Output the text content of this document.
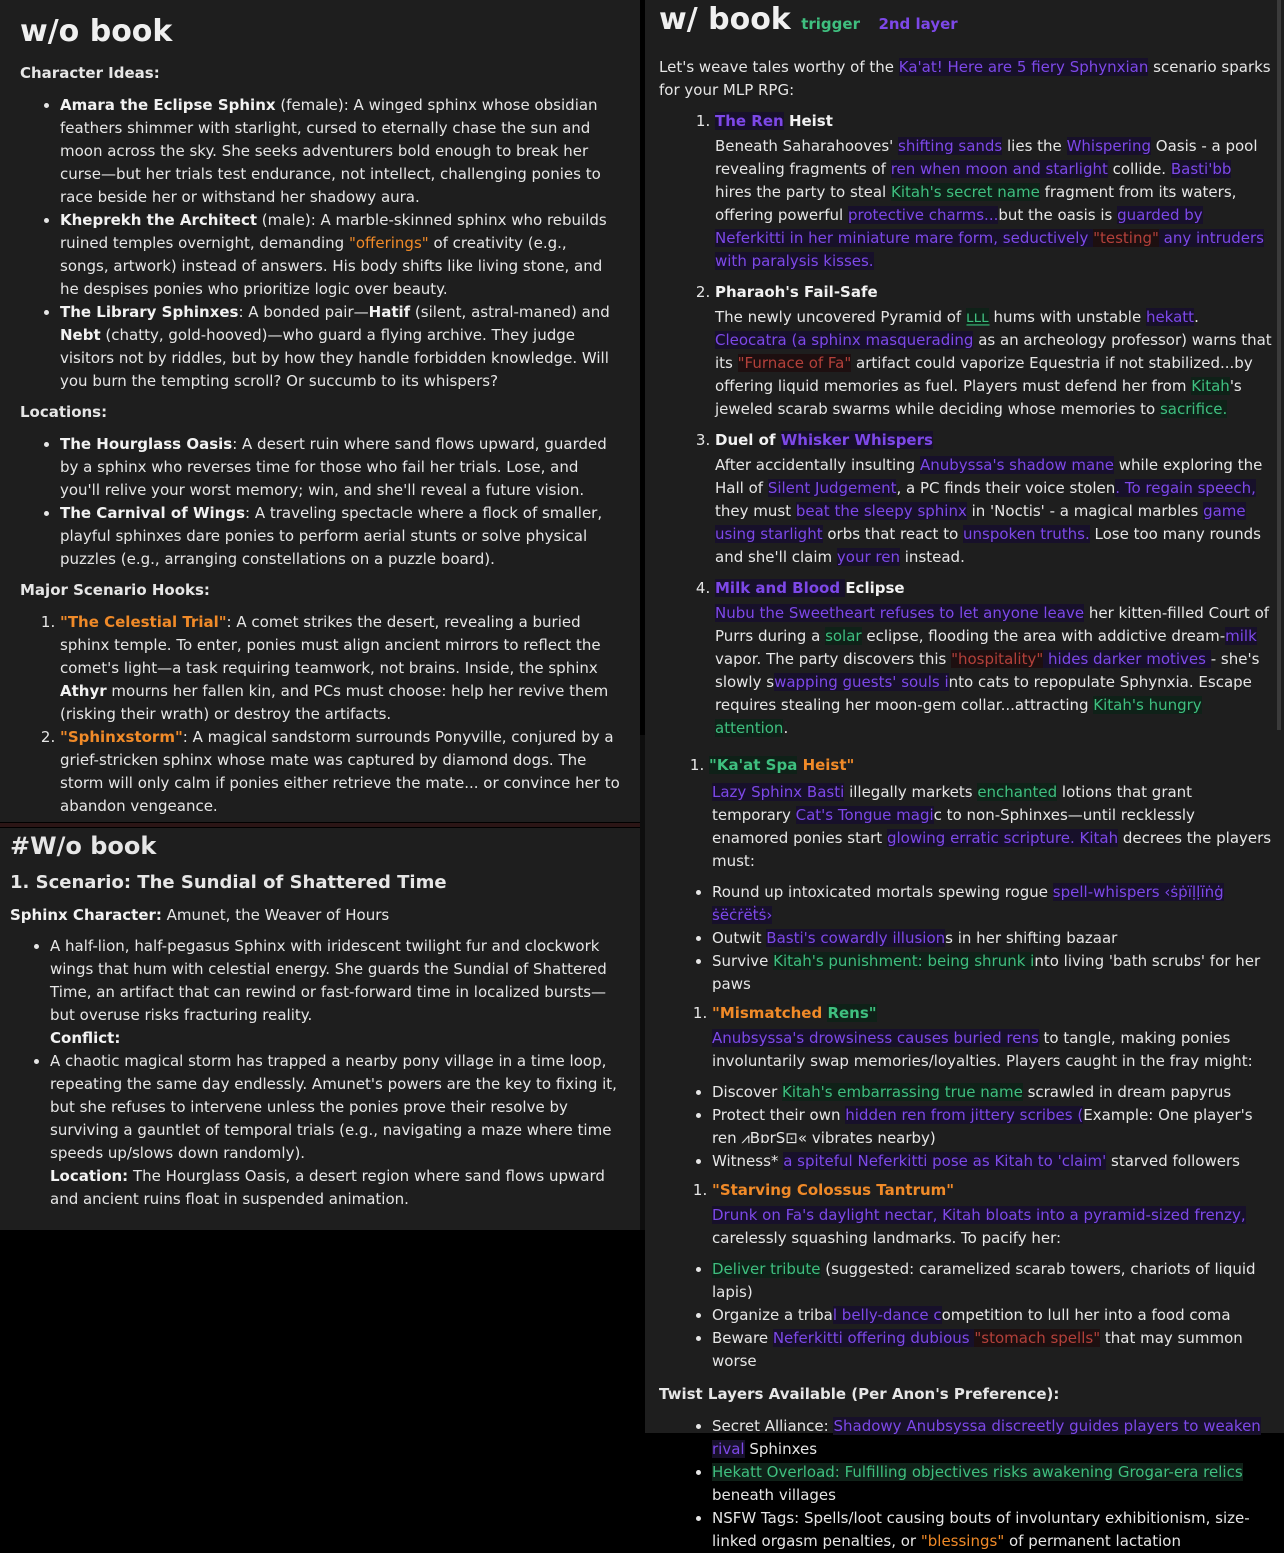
w/o book
Character Ideas:
• Amara the Eclipse Sphinx (female): A winged sphinx whose obsidian feathers shimmer with starlight, cursed to eternally chase the sun and moon across the sky. She seeks adventurers bold enough to break her curse—but her trials test endurance, not intellect, challenging ponies to race beside her or withstand her shadowy aura.
• Kheprekh the Architect (male): A marble-skinned sphinx who rebuilds ruined temples overnight, demanding "offerings" of creativity (e.g., songs, artwork) instead of answers. His body shifts like living stone, and he despises ponies who prioritize logic over beauty.
• The Library Sphinxes: A bonded pair—Hatif (silent, astral-maned) and Nebt (chatty, gold-hooved)—who guard a flying archive. They judge visitors not by riddles, but by how they handle forbidden knowledge. Will you burn the tempting scroll? Or succumb to its whispers?
Locations:
• The Hourglass Oasis: A desert ruin where sand flows upward, guarded by a sphinx who reverses time for those who fail her trials. Lose, and you'll relive your worst memory; win, and she'll reveal a future vision.
• The Carnival of Wings: A traveling spectacle where a flock of smaller, playful sphinxes dare ponies to perform aerial stunts or solve physical puzzles (e.g., arranging constellations on a puzzle board).
Major Scenario Hooks:
1. "The Celestial Trial": A comet strikes the desert, revealing a buried sphinx temple. To enter, ponies must align ancient mirrors to reflect the comet's light—a task requiring teamwork, not brains. Inside, the sphinx Athyr mourns her fallen kin, and PCs must choose: help her revive them (risking their wrath) or destroy the artifacts.
2. "Sphinxstorm": A magical sandstorm surrounds Ponyville, conjured by a grief-stricken sphinx whose mate was captured by diamond dogs. The storm will only calm if ponies either retrieve the mate... or convince her to abandon vengeance.
#W/o book
1. Scenario: The Sundial of Shattered Time

Sphinx Character: Amunet, the Weaver of Hours

• A half-lion, half-pegasus Sphinx with iridescent twilight fur and clockwork wings that hum with celestial energy. She guards the Sundial of Shattered Time, an artifact that can rewind or fast-forward time in localized bursts—but overuse risks fracturing reality.
Conflict:
• A chaotic magical storm has trapped a nearby pony village in a time loop, repeating the same day endlessly. Amunet's powers are the key to fixing it, but she refuses to intervene unless the ponies prove their resolve by surviving a gauntlet of temporal trials (e.g., navigating a maze where time speeds up/slows down randomly).
Location: The Hourglass Oasis, a desert region where sand flows upward and ancient ruins float in suspended animation.
w/ book trigger 2nd layer

Let's weave tales worthy of the Ka'at! Here are 5 fiery Sphynxian scenario sparks for your MLP RPG:

1. The Ren Heist
Beneath Saharahooves' shifting sands lies the Whispering Oasis - a pool revealing fragments of ren when moon and starlight collide. Basti'bb hires the party to steal Kitah's secret name fragment from its waters, offering powerful protective charms...but the oasis is guarded by Neferkitti in her miniature mare form, seductively "testing" any intruders with paralysis kisses.
2. Pharaoh's Fail-Safe
The newly uncovered Pyramid of ʟ̲̲ʟ̲̲ʟ̲̲ hums with unstable hekatt. Cleocatra (a sphinx masquerading as an archeology professor) warns that its "Furnace of Fa" artifact could vaporize Equestria if not stabilized...by offering liquid memories as fuel. Players must defend her from Kitah's jeweled scarab swarms while deciding whose memories to sacrifice.
3. Duel of Whisker Whispers
After accidentally insulting Anubyssa's shadow mane while exploring the Hall of Silent Judgement, a PC finds their voice stolen. To regain speech, they must beat the sleepy sphinx in 'Noctis' - a magical marbles game using starlight orbs that react to unspoken truths. Lose too many rounds and she'll claim your ren instead.
4. Milk and Blood Eclipse
Nubu the Sweetheart refuses to let anyone leave her kitten-filled Court of Purrs during a solar eclipse, flooding the area with addictive dream-milk vapor. The party discovers this "hospitality" hides darker motives - she's slowly swapping guests' souls into cats to repopulate Sphynxia. Escape requires stealing her moon-gem collar...attracting Kitah's hungry attention.
1. "Ka'at Spa Heist"

Lazy Sphinx Basti illegally markets enchanted lotions that grant temporary Cat's Tongue magic to non-Sphinxes—until recklessly enamored ponies start glowing erratic scripture. Kitah decrees the players must:

• Round up intoxicated mortals spewing rogue spell-whispers ‹ṡṗïḷḷïṅġ ṡëċṙëṫṡ›
• Outwit Basti's cowardly illusions in her shifting bazaar
• Survive Kitah's punishment: being shrunk into living 'bath scrubs' for her paws
1. "Mismatched Rens"

Anubsyssa's drowsiness causes buried rens to tangle, making ponies involuntarily swap memories/loyalties. Players caught in the fray might:

• Discover Kitah's embarrassing true name scrawled in dream papyrus
• Protect their own hidden ren from jittery scribes (Example: One player's ren ⩘ВɒrS⊡« vibrates nearby)
• Witness* a spiteful Neferkitti pose as Kitah to 'claim' starved followers
1. "Starving Colossus Tantrum"

Drunk on Fa's daylight nectar, Kitah bloats into a pyramid-sized frenzy, carelessly squashing landmarks. To pacify her:

• Deliver tribute (suggested: caramelized scarab towers, chariots of liquid lapis)
• Organize a tribal belly-dance competition to lull her into a food coma
• Beware Neferkitti offering dubious "stomach spells" that may summon worse
Twist Layers Available (Per Anon's Preference):
• Secret Alliance: Shadowy Anubsyssa discreetly guides players to weaken rival Sphinxes
• Hekatt Overload: Fulfilling objectives risks awakening Grogar-era relics beneath villages
• NSFW Tags: Spells/loot causing bouts of involuntary exhibitionism, size-linked orgasm penalties, or "blessings" of permanent lactation
